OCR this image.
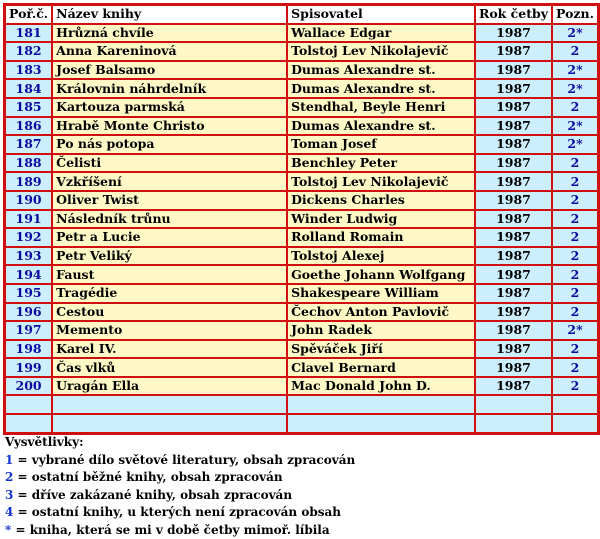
Poř.č.	Název knihy	Spisovatel	Rok četby	Pozn.
181	Hrůzná chvíle	Wallace Edgar	1987	2*
182	Anna Kareninová	Tolstoj Lev Nikolajevič	1987	2
183	Josef Balsamo	Dumas Alexandre st.	1987	2*
184	Královnin náhrdelník	Dumas Alexandre st.	1987	2*
185	Kartouza parmská	Stendhal, Beyle Henri	1987	2
186	Hrabě Monte Christo	Dumas Alexandre st.	1987	2*
187	Po nás potopa	Toman Josef	1987	2*
188	Čelisti	Benchley Peter	1987	2
189	Vzkříšení	Tolstoj Lev Nikolajevič	1987	2
190	Oliver Twist	Dickens Charles	1987	2
191	Následník trůnu	Winder Ludwig	1987	2
192	Petr a Lucie	Rolland Romain	1987	2
193	Petr Veliký	Tolstoj Alexej	1987	2
194	Faust	Goethe Johann Wolfgang	1987	2
195	Tragédie	Shakespeare William	1987	2
196	Cestou	Čechov Anton Pavlovič	1987	2
197	Memento	John Radek	1987	2*
198	Karel IV.	Spěváček Jiří	1987	2
199	Čas vlků	Clavel Bernard	1987	2
200	Uragán Ella	Mac Donald John D.	1987	2

Vysvětlivky:
1 = vybrané dílo světové literatury, obsah zpracován
2 = ostatní běžné knihy, obsah zpracován
3 = dříve zakázané knihy, obsah zpracován
4 = ostatní knihy, u kterých není zpracován obsah
* = kniha, která se mi v době četby mimoř. líbila
